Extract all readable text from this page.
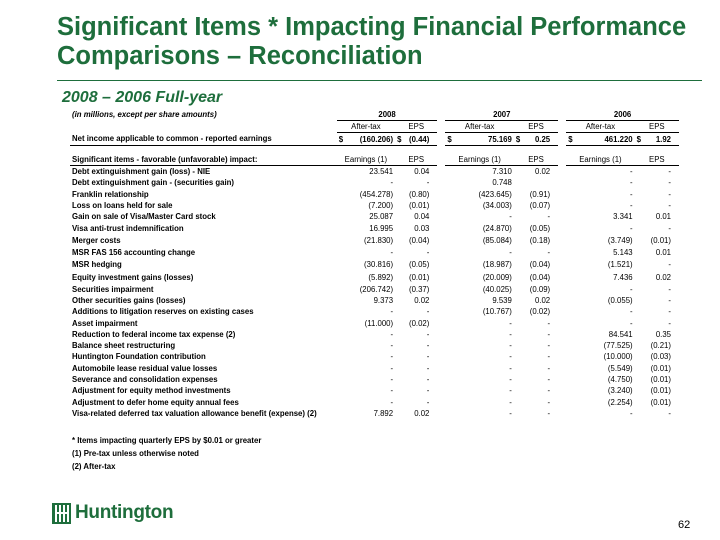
Significant Items * Impacting Financial Performance Comparisons – Reconciliation
2008 – 2006 Full-year
(in millions, except per share amounts)	2008			2007			2006	
	After-tax	EPS		After-tax	EPS		After-tax	EPS
Net income applicable to common - reported earnings	$ (160.206)	$ (0.44)		$ 75.169	$ 0.25		$ 461.220	$ 1.92

Significant items - favorable (unfavorable) impact:	Earnings (1)	EPS		Earnings (1)	EPS		Earnings (1)	EPS
Debt extinguishment gain (loss) - NIE	23.541	0.04		7.310	0.02		-	-
Debt extinguishment gain - (securities gain)	-	-		0.748			-	-
Franklin relationship	(454.278)	(0.80)		(423.645)	(0.91)		-	-
Loss on loans held for sale	(7.200)	(0.01)		(34.003)	(0.07)		-	-
Gain on sale of Visa/Master Card stock	25.087	0.04		-	-		3.341	0.01
Visa anti-trust indemnification	16.995	0.03		(24.870)	(0.05)		-	-
Merger costs	(21.830)	(0.04)		(85.084)	(0.18)		(3.749)	(0.01)
MSR FAS 156 accounting change	-	-		-	-		5.143	0.01
MSR hedging	(30.816)	(0.05)		(18.987)	(0.04)		(1.521)	-
Equity investment gains (losses)	(5.892)	(0.01)		(20.009)	(0.04)		7.436	0.02
Securities impairment	(206.742)	(0.37)		(40.025)	(0.09)		-	-
Other securities gains (losses)	9.373	0.02		9.539	0.02		(0.055)	-
Additions to litigation reserves on existing cases	-	-		(10.767)	(0.02)		-	-
Asset impairment	(11.000)	(0.02)		-	-		-	-
Reduction to federal income tax expense (2)	-	-		-	-		84.541	0.35
Balance sheet restructuring	-	-		-	-		(77.525)	(0.21)
Huntington Foundation contribution	-	-		-	-		(10.000)	(0.03)
Automobile lease residual value losses	-	-		-	-		(5.549)	(0.01)
Severance and consolidation expenses	-	-		-	-		(4.750)	(0.01)
Adjustment for equity method investments	-	-		-	-		(3.240)	(0.01)
Adjustment to defer home equity annual fees	-	-		-	-		(2.254)	(0.01)
Visa-related deferred tax valuation allowance benefit (expense) (2)	7.892	0.02		-	-		-	-
* Items impacting quarterly EPS by $0.01 or greater
(1) Pre-tax unless otherwise noted
(2) After-tax
Huntington
62
